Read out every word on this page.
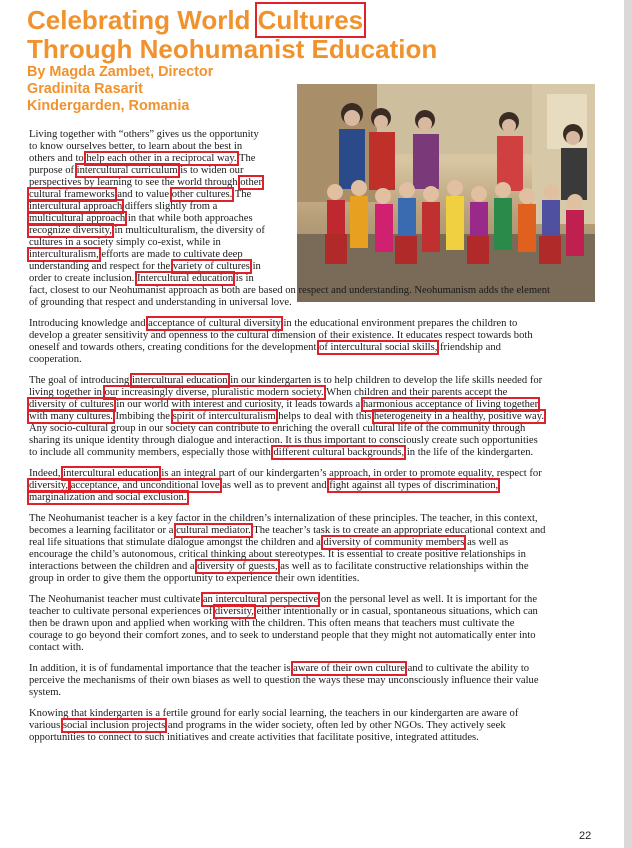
Celebrating World Cultures
Through Neohumanist Education
By Magda Zambet, Director
Gradinita Rasarit
Kindergarden, Romania
Living together with “others” gives us the opportunity
to know ourselves better, to learn about the best in
others and to help each other in a reciprocal way. The
purpose of intercultural curriculum is to widen our
perspectives by learning to see the world through other
cultural frameworks and to value other cultures. The
intercultural approach differs slightly from a
multicultural approach in that while both approaches
recognize diversity, in multiculturalism, the diversity of
cultures in a society simply co-exist, while in
interculturalism, efforts are made to cultivate deep
understanding and respect for the variety of cultures in
order to create inclusion. Intercultural education is in
fact, closest to our Neohumanist approach as both are based on respect and understanding. Neohumanism adds the element
of grounding that respect and understanding in universal love.
Introducing knowledge and acceptance of cultural diversity in the educational environment prepares the children to
develop a greater sensitivity and openness to the cultural dimension of their existence. It educates respect towards both
oneself and towards others, creating conditions for the development of intercultural social skills, friendship and
cooperation.
The goal of introducing intercultural education in our kindergarten is to help children to develop the life skills needed for
living together in our increasingly diverse, pluralistic modern society. When children and their parents accept the
diversity of cultures in our world with interest and curiosity, it leads towards a harmonious acceptance of living together
with many cultures. Imbibing the spirit of interculturalism helps to deal with this heterogeneity in a healthy, positive way.
Any socio-cultural group in our society can contribute to enriching the overall cultural life of the community through
sharing its unique identity through dialogue and interaction. It is thus important to consciously create such opportunities
to include all community members, especially those with different cultural backgrounds, in the life of the kindergarten.
Indeed, intercultural education is an integral part of our kindergarten’s approach, in order to promote equality, respect for
diversity, acceptance, and unconditional love as well as to prevent and fight against all types of discrimination,
marginalization and social exclusion.
The Neohumanist teacher is a key factor in the children’s internalization of these principles. The teacher, in this context,
becomes a learning facilitator or a cultural mediator. The teacher’s task is to create an appropriate educational context and
real life situations that stimulate dialogue amongst the children and a diversity of community members as well as
encourage the child’s autonomous, critical thinking about stereotypes. It is essential to create positive relationships in
interactions between the children and a diversity of guests, as well as to facilitate constructive relationships within the
group in order to give them the opportunity to experience their own identities.
The Neohumanist teacher must cultivate an intercultural perspective on the personal level as well. It is important for the
teacher to cultivate personal experiences of diversity, either intentionally or in casual, spontaneous situations, which can
then be drawn upon and applied when working with the children. This often means that teachers must cultivate the
courage to go beyond their comfort zones, and to seek to understand people that they might not automatically enter into
contact with.
In addition, it is of fundamental importance that the teacher is aware of their own culture and to cultivate the ability to
perceive the mechanisms of their own biases as well to question the ways these may unconsciously influence their value
system.
Knowing that kindergarten is a fertile ground for early social learning, the teachers in our kindergarten are aware of
various social inclusion projects and programs in the wider society, often led by other NGOs. They actively seek
opportunities to connect to such initiatives and create activities that facilitate positive, integrated attitudes.
22
